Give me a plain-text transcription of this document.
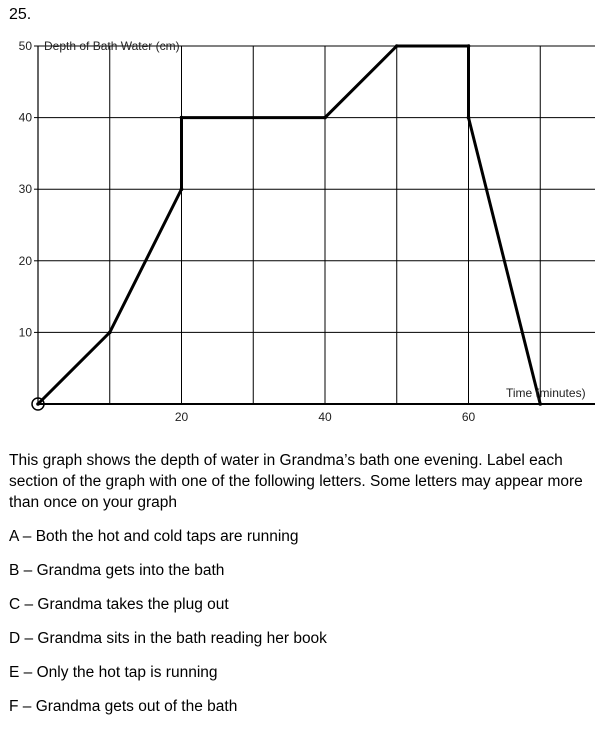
25.
10
20
30
40
50
20	40	60
Depth of Bath Water (cm)
Time (minutes)

This graph shows the depth of water in Grandma’s bath one evening. Label each section of the graph with one of the following letters. Some letters may appear more than once on your graph

A – Both the hot and cold taps are running
B – Grandma gets into the bath
C – Grandma takes the plug out
D – Grandma sits in the bath reading her book
E – Only the hot tap is running
F – Grandma gets out of the bath
